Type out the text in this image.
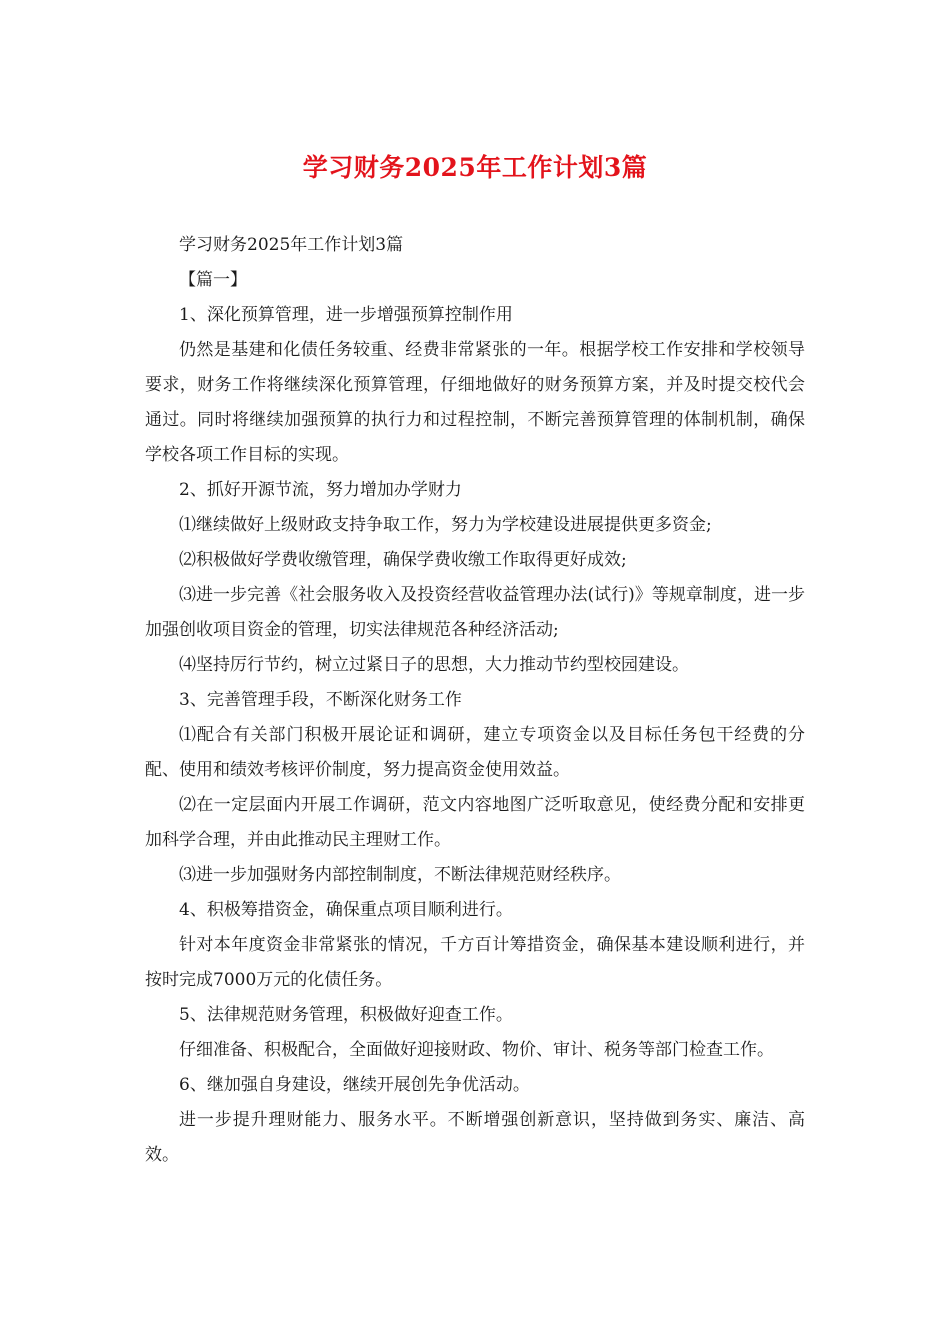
学习财务2025年工作计划3篇

学习财务2025年工作计划3篇

【篇一】

1、深化预算管理，进一步增强预算控制作用

仍然是基建和化债任务较重、经费非常紧张的一年。根据学校工作安排和学校领导要求，财务工作将继续深化预算管理，仔细地做好的财务预算方案，并及时提交校代会通过。同时将继续加强预算的执行力和过程控制，不断完善预算管理的体制机制，确保学校各项工作目标的实现。

2、抓好开源节流，努力增加办学财力

⑴继续做好上级财政支持争取工作，努力为学校建设进展提供更多资金;

⑵积极做好学费收缴管理，确保学费收缴工作取得更好成效;

⑶进一步完善《社会服务收入及投资经营收益管理办法(试行)》等规章制度，进一步加强创收项目资金的管理，切实法律规范各种经济活动;

⑷坚持厉行节约，树立过紧日子的思想，大力推动节约型校园建设。

3、完善管理手段，不断深化财务工作

⑴配合有关部门积极开展论证和调研，建立专项资金以及目标任务包干经费的分配、使用和绩效考核评价制度，努力提高资金使用效益。

⑵在一定层面内开展工作调研，范文内容地图广泛听取意见，使经费分配和安排更加科学合理，并由此推动民主理财工作。

⑶进一步加强财务内部控制制度，不断法律规范财经秩序。

4、积极筹措资金，确保重点项目顺利进行。

针对本年度资金非常紧张的情况，千方百计筹措资金，确保基本建设顺利进行，并按时完成7000万元的化债任务。

5、法律规范财务管理，积极做好迎查工作。

仔细准备、积极配合，全面做好迎接财政、物价、审计、税务等部门检查工作。

6、继加强自身建设，继续开展创先争优活动。

进一步提升理财能力、服务水平。不断增强创新意识，坚持做到务实、廉洁、高效。
